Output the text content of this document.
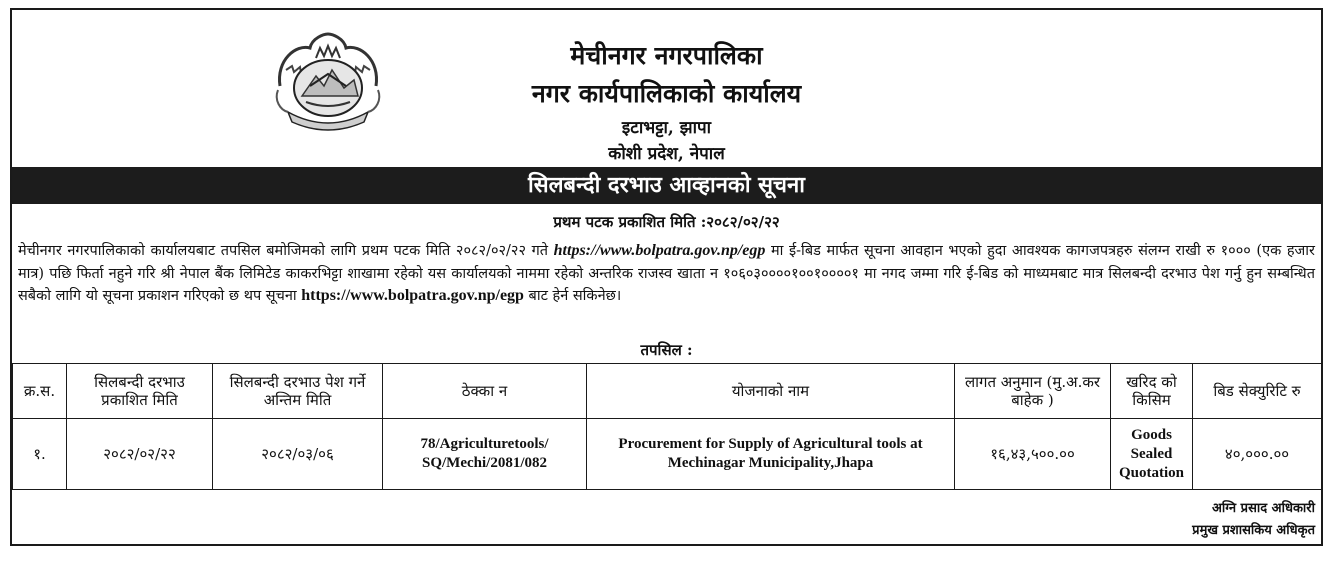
मेचीनगर नगरपालिका
नगर कार्यपालिकाको कार्यालय
इटाभट्टा, झापा
कोशी प्रदेश, नेपाल
सिलबन्दी दरभाउ आव्हानको सूचना
प्रथम पटक प्रकाशित मिति :२०८२/०२/२२
मेचीनगर नगरपालिकाको कार्यालयबाट तपसिल बमोजिमको लागि प्रथम पटक मिति २०८२/०२/२२ गते https://www.bolpatra.gov.np/egp मा ई-बिड मार्फत सूचना आवहान भएको हुदा आवश्यक कागजपत्रहरु संलग्न राखी रु १००० (एक हजार मात्र) पछि फिर्ता नहुने गरि श्री नेपाल बैंक लिमिटेड काकरभिट्टा शाखामा रहेको यस कार्यालयको नाममा रहेको अन्तरिक राजस्व खाता न १०६०३००००१००१००००१ मा नगद जम्मा गरि ई-बिड को माध्यमबाट मात्र सिलबन्दी दरभाउ पेश गर्नु हुन सम्बन्धित सबैको लागि यो सूचना प्रकाशन गरिएको छ थप सूचना https://www.bolpatra.gov.np/egp बाट हेर्न सकिनेछ।
तपसिल :
क्र.स.	सिलबन्दी दरभाउ प्रकाशित मिति	सिलबन्दी दरभाउ पेश गर्ने अन्तिम मिति	ठेक्का न	योजनाको नाम	लागत अनुमान (मु.अ.कर बाहेक )	खरिद को किसिम	बिड सेक्युरिटि रु
१.	२०८२/०२/२२	२०८२/०३/०६	78/Agriculturetools/ SQ/Mechi/2081/082	Procurement for Supply of Agricultural tools at Mechinagar Municipality,Jhapa	१६,४३,५००.००	Goods Sealed Quotation	४०,०००.००
अग्नि प्रसाद अधिकारी
प्रमुख प्रशासकिय अधिकृत
